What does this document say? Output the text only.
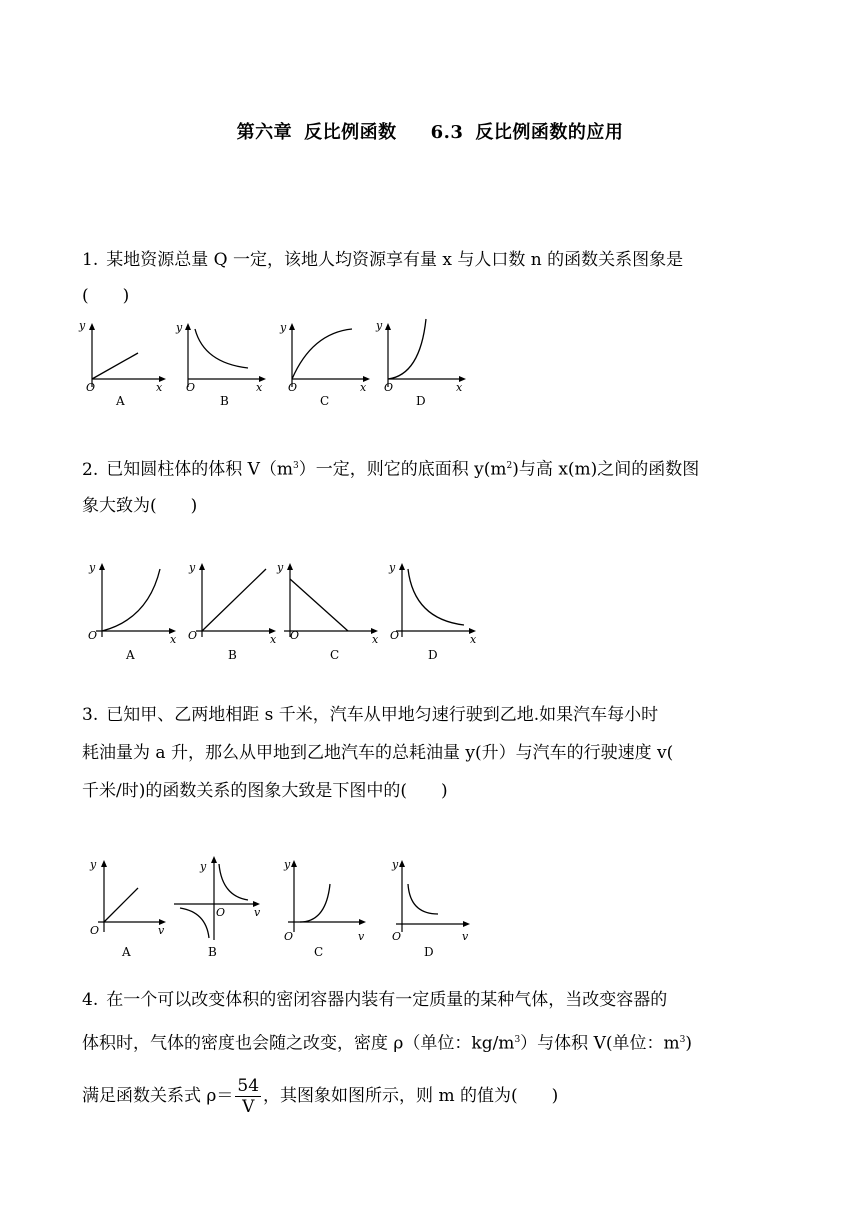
第六章 反比例函数 6.3 反比例函数的应用
1. 某地资源总量 Q 一定，该地人均资源享有量 x 与人口数 n 的函数关系图象是
(　　)
y
O	x
A
y
O	x
B
y
O	x
C
y
O	x
D
2. 已知圆柱体的体积 $V(m^3)$一定，则它的底面积 $y(m^2)$与高 x(m)之间的函数图
象大致为(　　)
y
O	x
A
y
O	x
B
y
O	x
C
y
O	x
D
3. 已知甲、乙两地相距 s 千米，汽车从甲地匀速行驶到乙地.如果汽车每小时
耗油量为 a 升，那么从甲地到乙地汽车的总耗油量 y(升）与汽车的行驶速度 v(
千米/时)的函数关系的图象大致是下图中的(　　)
y
O	v
A
y
O	v
B
y
O	v
C
y
O	v
D
4. 在一个可以改变体积的密闭容器内装有一定质量的某种气体，当改变容器的
体积时，气体的密度也会随之改变，密度 ρ（单位：$kg/m^3$）与体积 V(单位：$m^3$)
满足函数关系式 $\rho= \frac{54}{V}$ ，其图象如图所示，则 m 的值为(　　)
